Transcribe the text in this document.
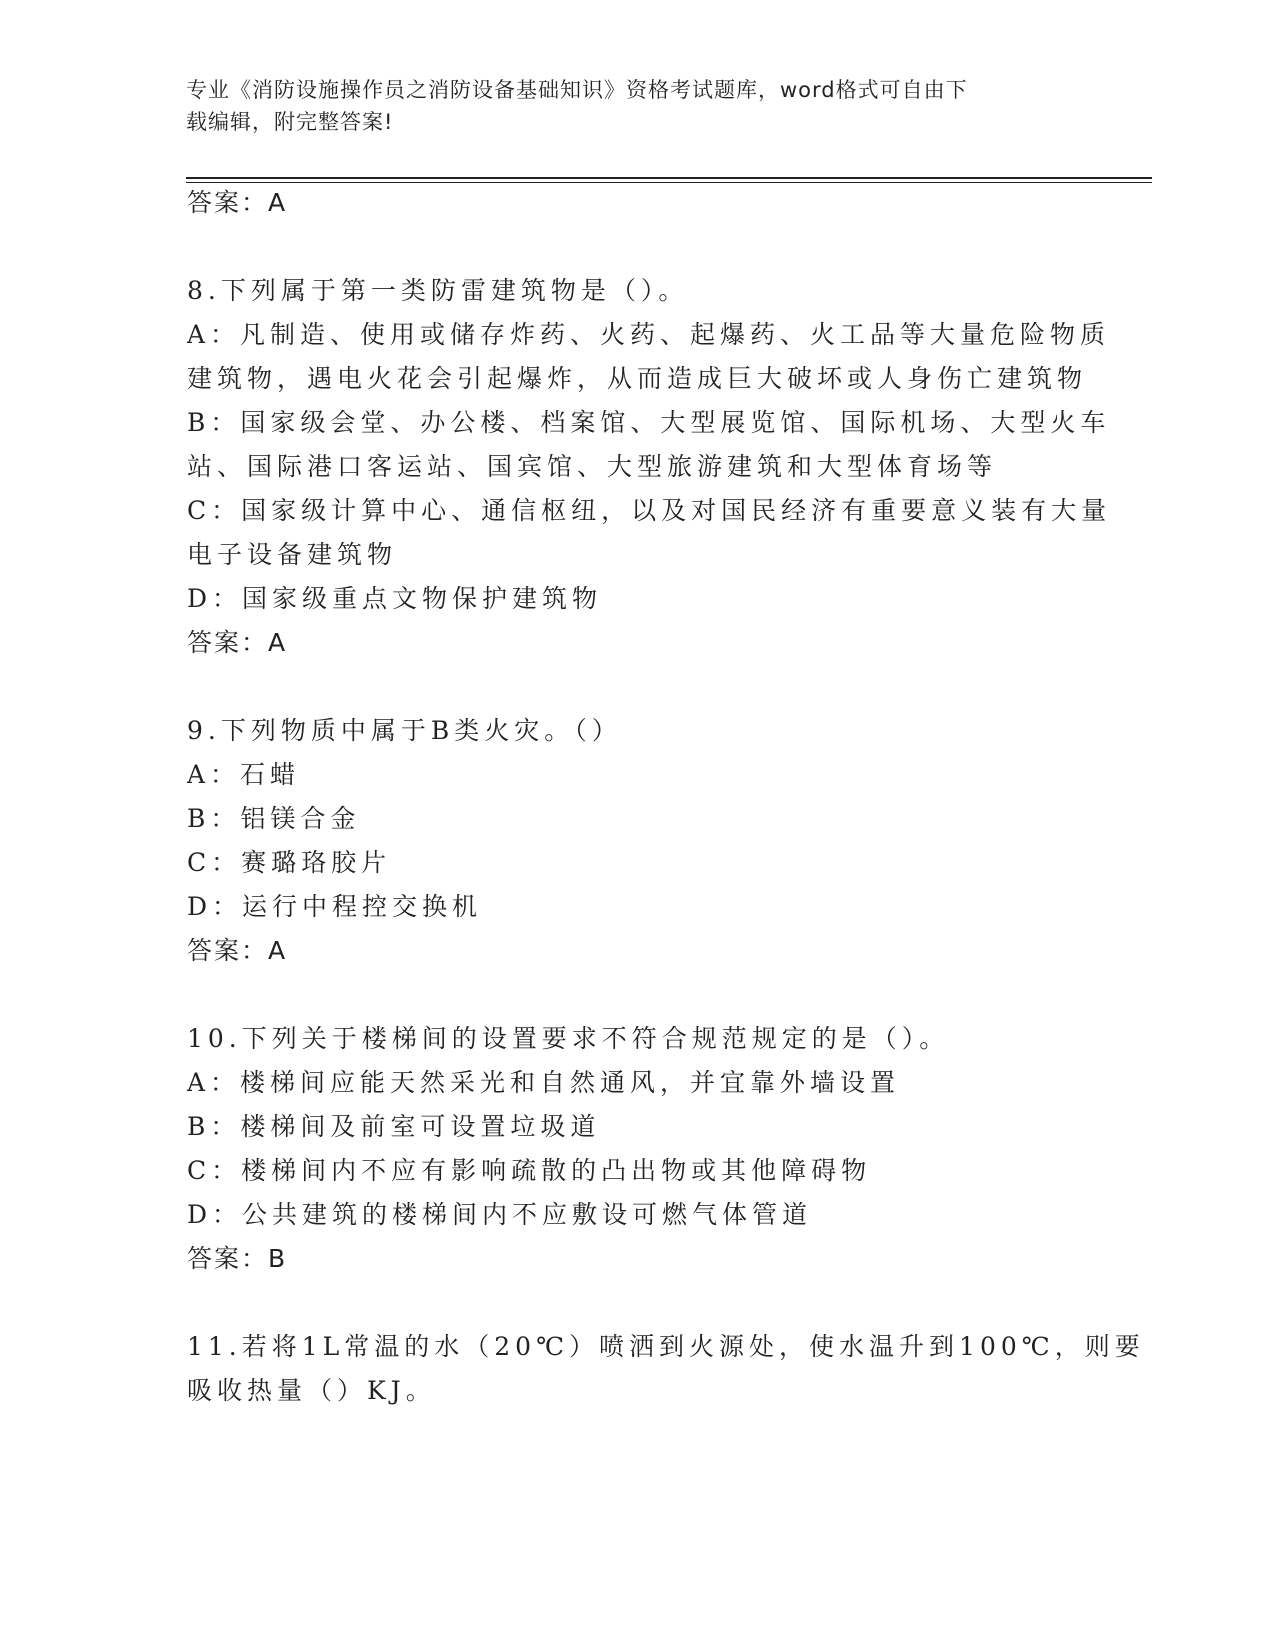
专业《消防设施操作员之消防设备基础知识》资格考试题库，word格式可自由下
载编辑，附完整答案!
答案：A
8.下列属于第一类防雷建筑物是（）。
A：凡制造、使用或储存炸药、火药、起爆药、火工品等大量危险物质
建筑物，遇电火花会引起爆炸，从而造成巨大破坏或人身伤亡建筑物
B：国家级会堂、办公楼、档案馆、大型展览馆、国际机场、大型火车
站、国际港口客运站、国宾馆、大型旅游建筑和大型体育场等
C：国家级计算中心、通信枢纽，以及对国民经济有重要意义装有大量
电子设备建筑物
D：国家级重点文物保护建筑物
答案：A
9.下列物质中属于B类火灾。（）
A：石蜡
B：铝镁合金
C：赛璐珞胶片
D：运行中程控交换机
答案：A
10.下列关于楼梯间的设置要求不符合规范规定的是（）。
A：楼梯间应能天然采光和自然通风，并宜靠外墙设置
B：楼梯间及前室可设置垃圾道
C：楼梯间内不应有影响疏散的凸出物或其他障碍物
D：公共建筑的楼梯间内不应敷设可燃气体管道
答案：B
11.若将1L常温的水（20℃）喷洒到火源处，使水温升到100℃，则要
吸收热量（）KJ。
